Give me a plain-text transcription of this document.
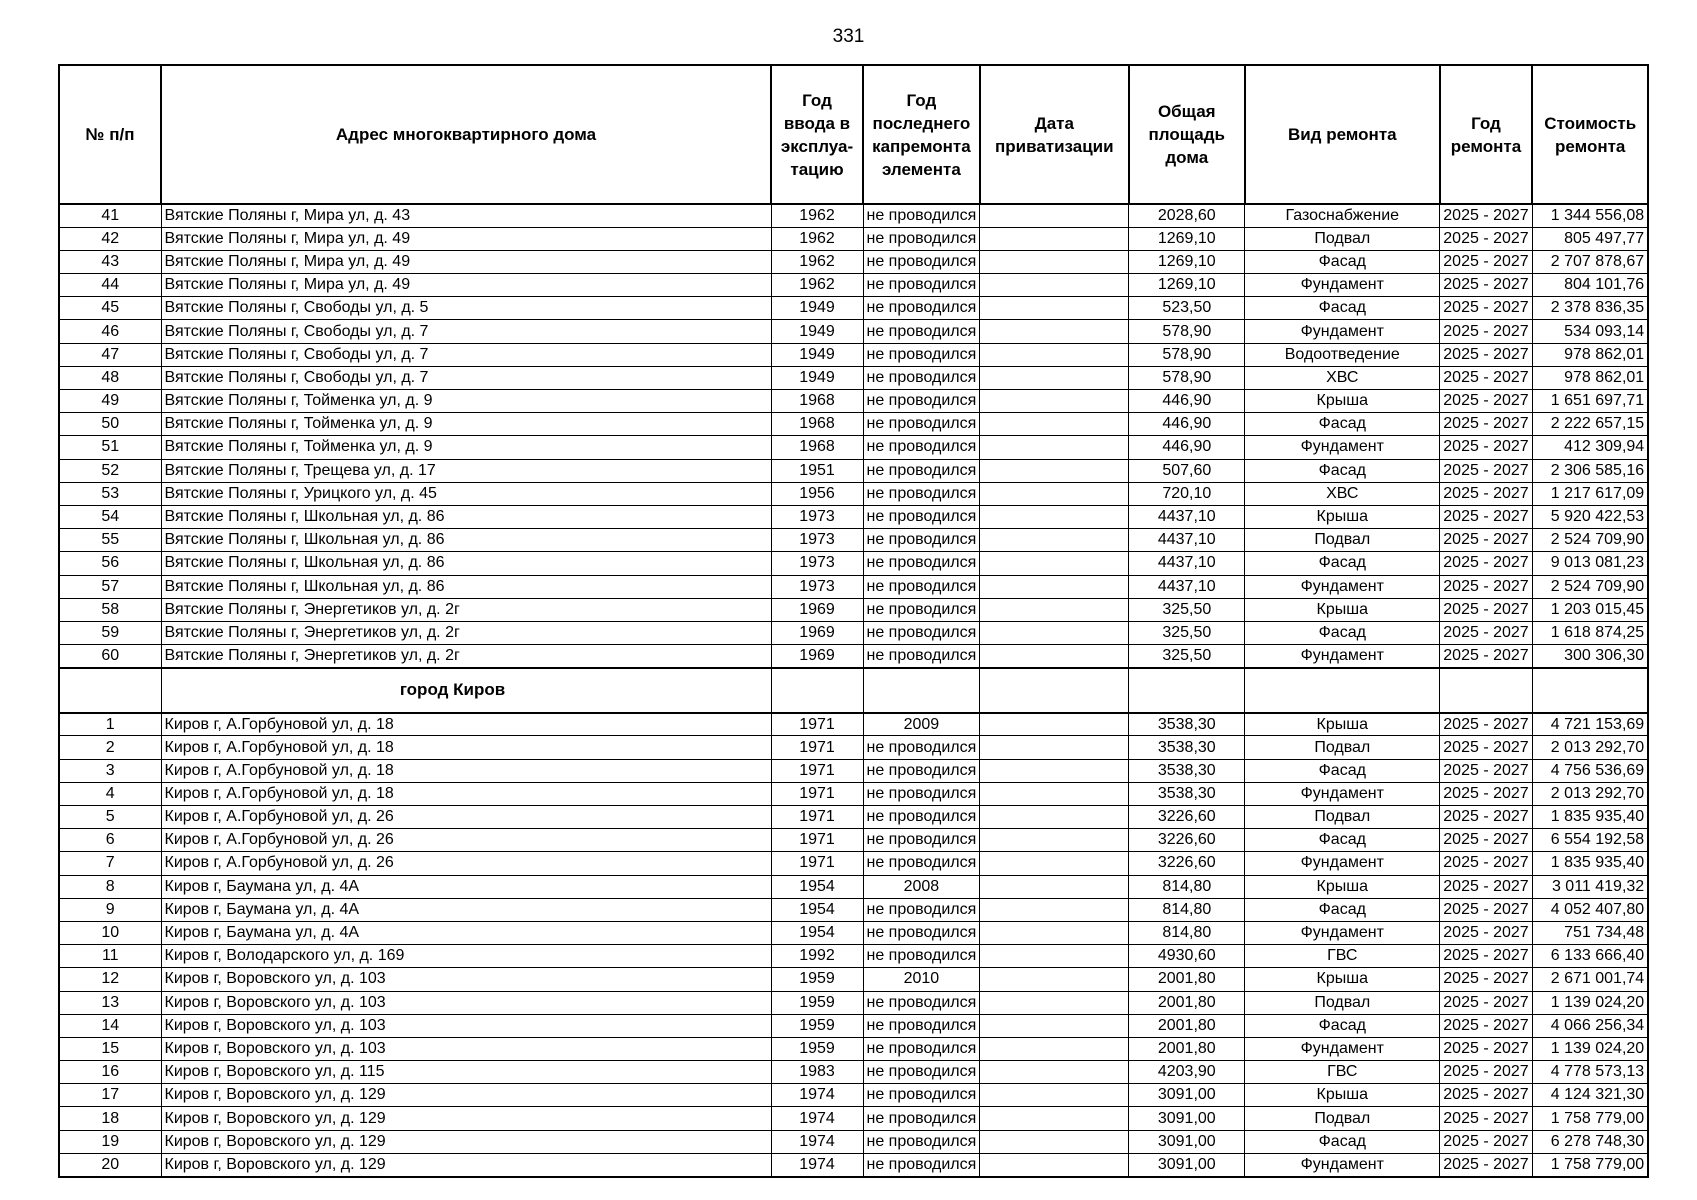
331
№ п/п	Адрес многоквартирного дома	Год ввода в эксплуа-тацию	Год последнего капремонта элемента	Дата приватизации	Общая площадь дома	Вид ремонта	Год ремонта	Стоимость ремонта
41	Вятские Поляны г, Мира ул, д. 43	1962	не проводился		2028,60	Газоснабжение	2025 - 2027	1 344 556,08
42	Вятские Поляны г, Мира ул, д. 49	1962	не проводился		1269,10	Подвал	2025 - 2027	805 497,77
43	Вятские Поляны г, Мира ул, д. 49	1962	не проводился		1269,10	Фасад	2025 - 2027	2 707 878,67
44	Вятские Поляны г, Мира ул, д. 49	1962	не проводился		1269,10	Фундамент	2025 - 2027	804 101,76
45	Вятские Поляны г, Свободы ул, д. 5	1949	не проводился		523,50	Фасад	2025 - 2027	2 378 836,35
46	Вятские Поляны г, Свободы ул, д. 7	1949	не проводился		578,90	Фундамент	2025 - 2027	534 093,14
47	Вятские Поляны г, Свободы ул, д. 7	1949	не проводился		578,90	Водоотведение	2025 - 2027	978 862,01
48	Вятские Поляны г, Свободы ул, д. 7	1949	не проводился		578,90	ХВС	2025 - 2027	978 862,01
49	Вятские Поляны г, Тойменка ул, д. 9	1968	не проводился		446,90	Крыша	2025 - 2027	1 651 697,71
50	Вятские Поляны г, Тойменка ул, д. 9	1968	не проводился		446,90	Фасад	2025 - 2027	2 222 657,15
51	Вятские Поляны г, Тойменка ул, д. 9	1968	не проводился		446,90	Фундамент	2025 - 2027	412 309,94
52	Вятские Поляны г, Трещева ул, д. 17	1951	не проводился		507,60	Фасад	2025 - 2027	2 306 585,16
53	Вятские Поляны г, Урицкого ул, д. 45	1956	не проводился		720,10	ХВС	2025 - 2027	1 217 617,09
54	Вятские Поляны г, Школьная ул, д. 86	1973	не проводился		4437,10	Крыша	2025 - 2027	5 920 422,53
55	Вятские Поляны г, Школьная ул, д. 86	1973	не проводился		4437,10	Подвал	2025 - 2027	2 524 709,90
56	Вятские Поляны г, Школьная ул, д. 86	1973	не проводился		4437,10	Фасад	2025 - 2027	9 013 081,23
57	Вятские Поляны г, Школьная ул, д. 86	1973	не проводился		4437,10	Фундамент	2025 - 2027	2 524 709,90
58	Вятские Поляны г, Энергетиков ул, д. 2г	1969	не проводился		325,50	Крыша	2025 - 2027	1 203 015,45
59	Вятские Поляны г, Энергетиков ул, д. 2г	1969	не проводился		325,50	Фасад	2025 - 2027	1 618 874,25
60	Вятские Поляны г, Энергетиков ул, д. 2г	1969	не проводился		325,50	Фундамент	2025 - 2027	300 306,30
	город Киров							
1	Киров г, А.Горбуновой ул, д. 18	1971	2009		3538,30	Крыша	2025 - 2027	4 721 153,69
2	Киров г, А.Горбуновой ул, д. 18	1971	не проводился		3538,30	Подвал	2025 - 2027	2 013 292,70
3	Киров г, А.Горбуновой ул, д. 18	1971	не проводился		3538,30	Фасад	2025 - 2027	4 756 536,69
4	Киров г, А.Горбуновой ул, д. 18	1971	не проводился		3538,30	Фундамент	2025 - 2027	2 013 292,70
5	Киров г, А.Горбуновой ул, д. 26	1971	не проводился		3226,60	Подвал	2025 - 2027	1 835 935,40
6	Киров г, А.Горбуновой ул, д. 26	1971	не проводился		3226,60	Фасад	2025 - 2027	6 554 192,58
7	Киров г, А.Горбуновой ул, д. 26	1971	не проводился		3226,60	Фундамент	2025 - 2027	1 835 935,40
8	Киров г, Баумана ул, д. 4А	1954	2008		814,80	Крыша	2025 - 2027	3 011 419,32
9	Киров г, Баумана ул, д. 4А	1954	не проводился		814,80	Фасад	2025 - 2027	4 052 407,80
10	Киров г, Баумана ул, д. 4А	1954	не проводился		814,80	Фундамент	2025 - 2027	751 734,48
11	Киров г, Володарского ул, д. 169	1992	не проводился		4930,60	ГВС	2025 - 2027	6 133 666,40
12	Киров г, Воровского ул, д. 103	1959	2010		2001,80	Крыша	2025 - 2027	2 671 001,74
13	Киров г, Воровского ул, д. 103	1959	не проводился		2001,80	Подвал	2025 - 2027	1 139 024,20
14	Киров г, Воровского ул, д. 103	1959	не проводился		2001,80	Фасад	2025 - 2027	4 066 256,34
15	Киров г, Воровского ул, д. 103	1959	не проводился		2001,80	Фундамент	2025 - 2027	1 139 024,20
16	Киров г, Воровского ул, д. 115	1983	не проводился		4203,90	ГВС	2025 - 2027	4 778 573,13
17	Киров г, Воровского ул, д. 129	1974	не проводился		3091,00	Крыша	2025 - 2027	4 124 321,30
18	Киров г, Воровского ул, д. 129	1974	не проводился		3091,00	Подвал	2025 - 2027	1 758 779,00
19	Киров г, Воровского ул, д. 129	1974	не проводился		3091,00	Фасад	2025 - 2027	6 278 748,30
20	Киров г, Воровского ул, д. 129	1974	не проводился		3091,00	Фундамент	2025 - 2027	1 758 779,00
